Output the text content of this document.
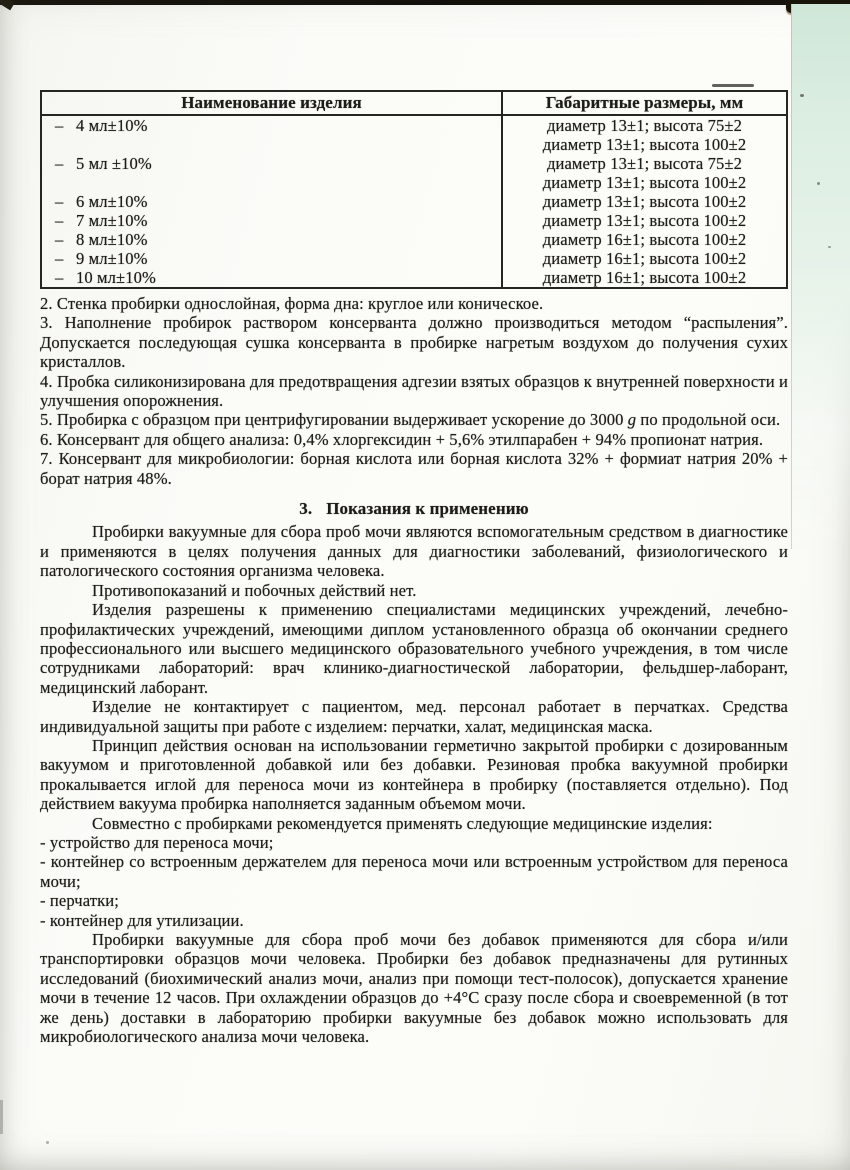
Наименование изделия	Габаритные размеры, мм
– 4 мл±10%	диаметр 13±1; высота 75±2
диаметр 13±1; высота 100±2
– 5 мл ±10%	диаметр 13±1; высота 75±2
диаметр 13±1; высота 100±2
– 6 мл±10%	диаметр 13±1; высота 100±2
– 7 мл±10%	диаметр 13±1; высота 100±2
– 8 мл±10%	диаметр 16±1; высота 100±2
– 9 мл±10%	диаметр 16±1; высота 100±2
– 10 мл±10%	диаметр 16±1; высота 100±2

2. Стенка пробирки однослойная, форма дна: круглое или коническое.

3. Наполнение пробирок раствором консерванта должно производиться методом “распыления”. Допускается последующая сушка консерванта в пробирке нагретым воздухом до получения сухих кристаллов.

4. Пробка силиконизирована для предотвращения адгезии взятых образцов к внутренней поверхности и улучшения опорожнения.

5. Пробирка с образцом при центрифугировании выдерживает ускорение до 3000 g по продольной оси.

6. Консервант для общего анализа: 0,4% хлоргексидин + 5,6% этилпарабен + 94% пропионат натрия.

7. Консервант для микробиологии: борная кислота или борная кислота 32% + формиат натрия 20% + борат натрия 48%.

3. Показания к применению

Пробирки вакуумные для сбора проб мочи являются вспомогательным средством в диагностике и применяются в целях получения данных для диагностики заболеваний, физиологического и патологического состояния организма человека.

Противопоказаний и побочных действий нет.

Изделия разрешены к применению специалистами медицинских учреждений, лечебно-профилактических учреждений, имеющими диплом установленного образца об окончании среднего профессионального или высшего медицинского образовательного учебного учреждения, в том числе сотрудниками лабораторий: врач клинико-диагностической лаборатории, фельдшер-лаборант, медицинский лаборант.

Изделие не контактирует с пациентом, мед. персонал работает в перчатках. Средства индивидуальной защиты при работе с изделием: перчатки, халат, медицинская маска.

Принцип действия основан на использовании герметично закрытой пробирки с дозированным вакуумом и приготовленной добавкой или без добавки. Резиновая пробка вакуумной пробирки прокалывается иглой для переноса мочи из контейнера в пробирку (поставляется отдельно). Под действием вакуума пробирка наполняется заданным объемом мочи.

Совместно с пробирками рекомендуется применять следующие медицинские изделия:

- устройство для переноса мочи;

- контейнер со встроенным держателем для переноса мочи или встроенным устройством для переноса мочи;

- перчатки;

- контейнер для утилизации.

Пробирки вакуумные для сбора проб мочи без добавок применяются для сбора и/или транспортировки образцов мочи человека. Пробирки без добавок предназначены для рутинных исследований (биохимический анализ мочи, анализ при помощи тест-полосок), допускается хранение мочи в течение 12 часов. При охлаждении образцов до +4°C сразу после сбора и своевременной (в тот же день) доставки в лабораторию пробирки вакуумные без добавок можно использовать для микробиологического анализа мочи человека.
